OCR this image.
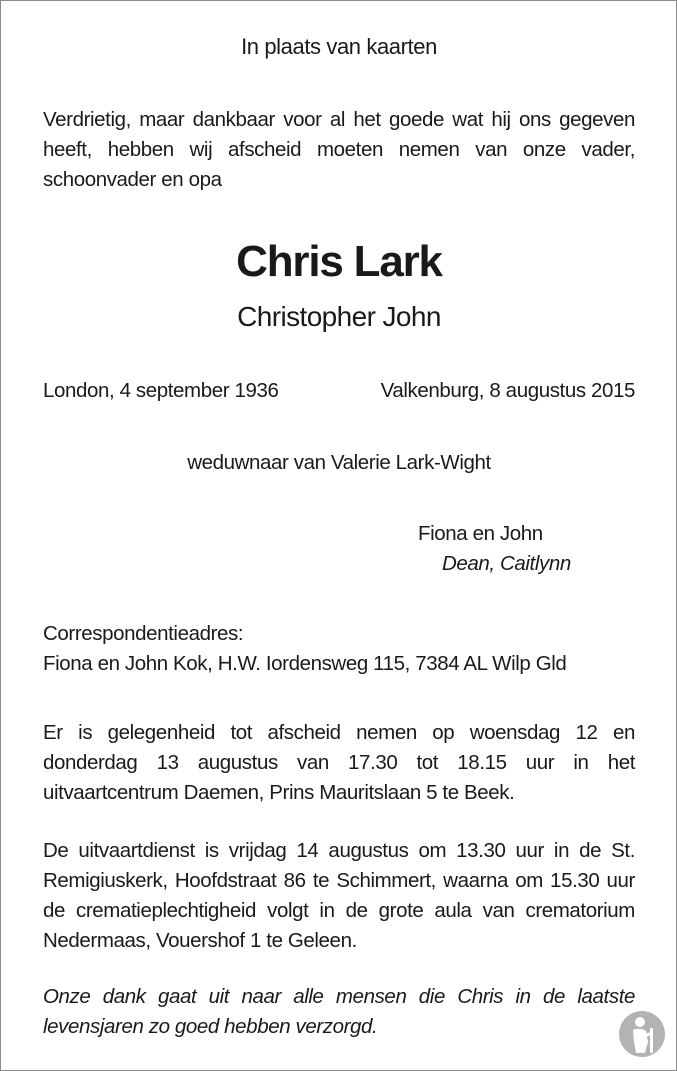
In plaats van kaarten
Verdrietig, maar dankbaar voor al het goede wat hij ons gegeven heeft, hebben wij afscheid moeten nemen van onze vader, schoonvader en opa
Chris Lark
Christopher John
London, 4 september 1936	Valkenburg, 8 augustus 2015
weduwnaar van Valerie Lark-Wight
Fiona en John
Dean, Caitlynn
Correspondentieadres:
Fiona en John Kok, H.W. Iordensweg 115, 7384 AL Wilp Gld
Er is gelegenheid tot afscheid nemen op woensdag 12 en donderdag 13 augustus van 17.30 tot 18.15 uur in het uitvaartcentrum Daemen, Prins Mauritslaan 5 te Beek.
De uitvaartdienst is vrijdag 14 augustus om 13.30 uur in de St. Remigiuskerk, Hoofdstraat 86 te Schimmert, waarna om 15.30 uur de crematieplechtigheid volgt in de grote aula van crematorium Nedermaas, Vouershof 1 te Geleen.
Onze dank gaat uit naar alle mensen die Chris in de laatste levensjaren zo goed hebben verzorgd.
